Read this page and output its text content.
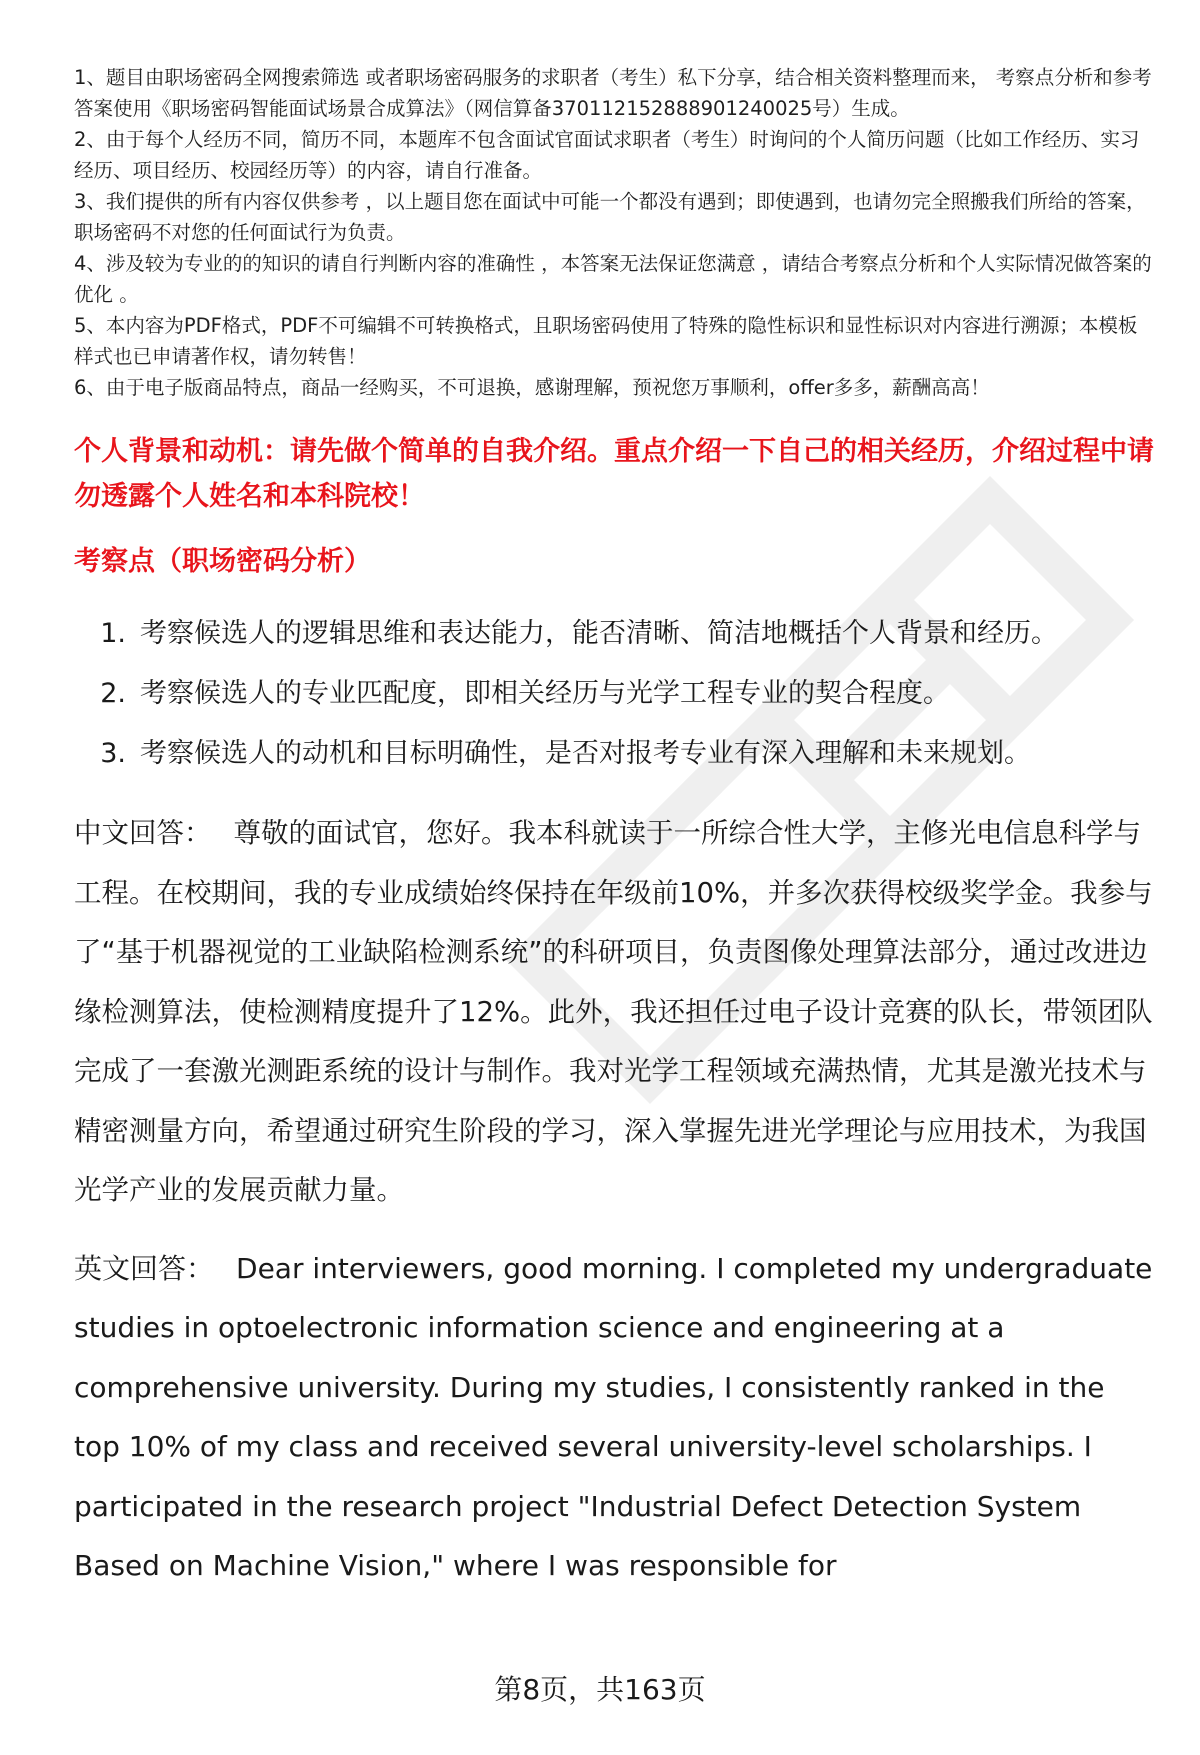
1、题目由职场密码全网搜索筛选 或者职场密码服务的求职者（考生）私下分享，结合相关资料整理而来， 考察点分析和参考答案使用《职场密码智能面试场景合成算法》（网信算备370112152888901240025号）生成。

2、由于每个人经历不同，简历不同，本题库不包含面试官面试求职者（考生）时询问的个人简历问题（比如工作经历、实习经历、项目经历、校园经历等）的内容，请自行准备。

3、我们提供的所有内容仅供参考 ，以上题目您在面试中可能一个都没有遇到；即使遇到，也请勿完全照搬我们所给的答案，职场密码不对您的任何面试行为负责。

4、涉及较为专业的的知识的请自行判断内容的准确性 ，本答案无法保证您满意 ，请结合考察点分析和个人实际情况做答案的优化 。

5、本内容为PDF格式，PDF不可编辑不可转换格式，且职场密码使用了特殊的隐性标识和显性标识对内容进行溯源；本模板样式也已申请著作权，请勿转售！

6、由于电子版商品特点，商品一经购买，不可退换，感谢理解，预祝您万事顺利，offer多多，薪酬高高！

个人背景和动机：请先做个简单的自我介绍。重点介绍一下自己的相关经历，介绍过程中请勿透露个人姓名和本科院校！
考察点（职场密码分析）
1. 考察候选人的逻辑思维和表达能力，能否清晰、简洁地概括个人背景和经历。
2. 考察候选人的专业匹配度，即相关经历与光学工程专业的契合程度。
3. 考察候选人的动机和目标明确性，是否对报考专业有深入理解和未来规划。
中文回答： 尊敬的面试官，您好。我本科就读于一所综合性大学，主修光电信息科学与工程。在校期间，我的专业成绩始终保持在年级前10%，并多次获得校级奖学金。我参与了“基于机器视觉的工业缺陷检测系统”的科研项目，负责图像处理算法部分，通过改进边缘检测算法，使检测精度提升了12%。此外，我还担任过电子设计竞赛的队长，带领团队完成了一套激光测距系统的设计与制作。我对光学工程领域充满热情，尤其是激光技术与精密测量方向，希望通过研究生阶段的学习，深入掌握先进光学理论与应用技术，为我国光学产业的发展贡献力量。
英文回答： Dear interviewers, good morning. I completed my undergraduate studies in optoelectronic information science and engineering at a comprehensive university. During my studies, I consistently ranked in the top 10% of my class and received several university-level scholarships. I participated in the research project "Industrial Defect Detection System Based on Machine Vision," where I was responsible for
第8页，共163页
